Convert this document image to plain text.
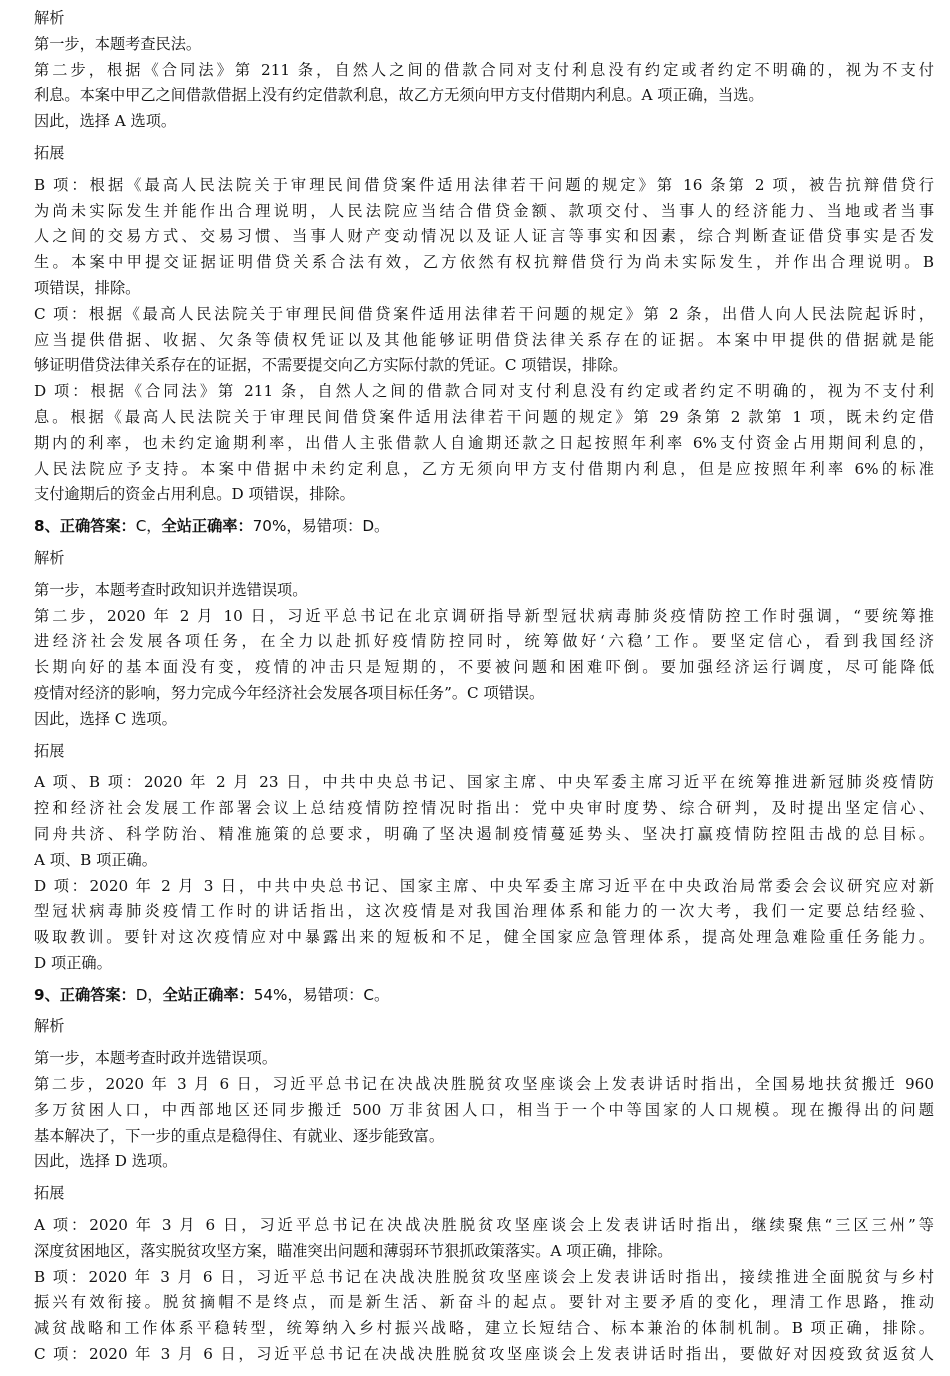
解析
第一步，本题考查民法。
第二步，根据《合同法》第 211 条，自然人之间的借款合同对支付利息没有约定或者约定不明确的，视为不支付
利息。本案中甲乙之间借款借据上没有约定借款利息，故乙方无须向甲方支付借期内利息。A 项正确，当选。
因此，选择 A 选项。
拓展
B 项：根据《最高人民法院关于审理民间借贷案件适用法律若干问题的规定》第 16 条第 2 项，被告抗辩借贷行
为尚未实际发生并能作出合理说明，人民法院应当结合借贷金额、款项交付、当事人的经济能力、当地或者当事
人之间的交易方式、交易习惯、当事人财产变动情况以及证人证言等事实和因素，综合判断查证借贷事实是否发
生。本案中甲提交证据证明借贷关系合法有效，乙方依然有权抗辩借贷行为尚未实际发生，并作出合理说明。B
项错误，排除。
C 项：根据《最高人民法院关于审理民间借贷案件适用法律若干问题的规定》第 2 条，出借人向人民法院起诉时，
应当提供借据、收据、欠条等债权凭证以及其他能够证明借贷法律关系存在的证据。本案中甲提供的借据就是能
够证明借贷法律关系存在的证据，不需要提交向乙方实际付款的凭证。C 项错误，排除。
D 项：根据《合同法》第 211 条，自然人之间的借款合同对支付利息没有约定或者约定不明确的，视为不支付利
息。根据《最高人民法院关于审理民间借贷案件适用法律若干问题的规定》第 29 条第 2 款第 1 项，既未约定借
期内的利率，也未约定逾期利率，出借人主张借款人自逾期还款之日起按照年利率 6%支付资金占用期间利息的，
人民法院应予支持。本案中借据中未约定利息，乙方无须向甲方支付借期内利息，但是应按照年利率 6%的标准
支付逾期后的资金占用利息。D 项错误，排除。
8、正确答案：C，全站正确率：70%，易错项：D。
解析
第一步，本题考查时政知识并选错误项。
第二步，2020 年 2 月 10 日，习近平总书记在北京调研指导新型冠状病毒肺炎疫情防控工作时强调，“要统筹推
进经济社会发展各项任务，在全力以赴抓好疫情防控同时，统筹做好‘六稳’工作。要坚定信心，看到我国经济
长期向好的基本面没有变，疫情的冲击只是短期的，不要被问题和困难吓倒。要加强经济运行调度，尽可能降低
疫情对经济的影响，努力完成今年经济社会发展各项目标任务”。C 项错误。
因此，选择 C 选项。
拓展
A 项、B 项：2020 年 2 月 23 日，中共中央总书记、国家主席、中央军委主席习近平在统筹推进新冠肺炎疫情防
控和经济社会发展工作部署会议上总结疫情防控情况时指出：党中央审时度势、综合研判，及时提出坚定信心、
同舟共济、科学防治、精准施策的总要求，明确了坚决遏制疫情蔓延势头、坚决打赢疫情防控阻击战的总目标。
A 项、B 项正确。
D 项：2020 年 2 月 3 日，中共中央总书记、国家主席、中央军委主席习近平在中央政治局常委会会议研究应对新
型冠状病毒肺炎疫情工作时的讲话指出，这次疫情是对我国治理体系和能力的一次大考，我们一定要总结经验、
吸取教训。要针对这次疫情应对中暴露出来的短板和不足，健全国家应急管理体系，提高处理急难险重任务能力。
D 项正确。
9、正确答案：D，全站正确率：54%，易错项：C。
解析
第一步，本题考查时政并选错误项。
第二步，2020 年 3 月 6 日，习近平总书记在决战决胜脱贫攻坚座谈会上发表讲话时指出，全国易地扶贫搬迁 960
多万贫困人口，中西部地区还同步搬迁 500 万非贫困人口，相当于一个中等国家的人口规模。现在搬得出的问题
基本解决了，下一步的重点是稳得住、有就业、逐步能致富。
因此，选择 D 选项。
拓展
A 项：2020 年 3 月 6 日，习近平总书记在决战决胜脱贫攻坚座谈会上发表讲话时指出，继续聚焦“三区三州”等
深度贫困地区，落实脱贫攻坚方案，瞄准突出问题和薄弱环节狠抓政策落实。A 项正确，排除。
B 项：2020 年 3 月 6 日，习近平总书记在决战决胜脱贫攻坚座谈会上发表讲话时指出，接续推进全面脱贫与乡村
振兴有效衔接。脱贫摘帽不是终点，而是新生活、新奋斗的起点。要针对主要矛盾的变化，理清工作思路，推动
减贫战略和工作体系平稳转型，统筹纳入乡村振兴战略，建立长短结合、标本兼治的体制机制。B 项正确，排除。
C 项：2020 年 3 月 6 日，习近平总书记在决战决胜脱贫攻坚座谈会上发表讲话时指出，要做好对因疫致贫返贫人
